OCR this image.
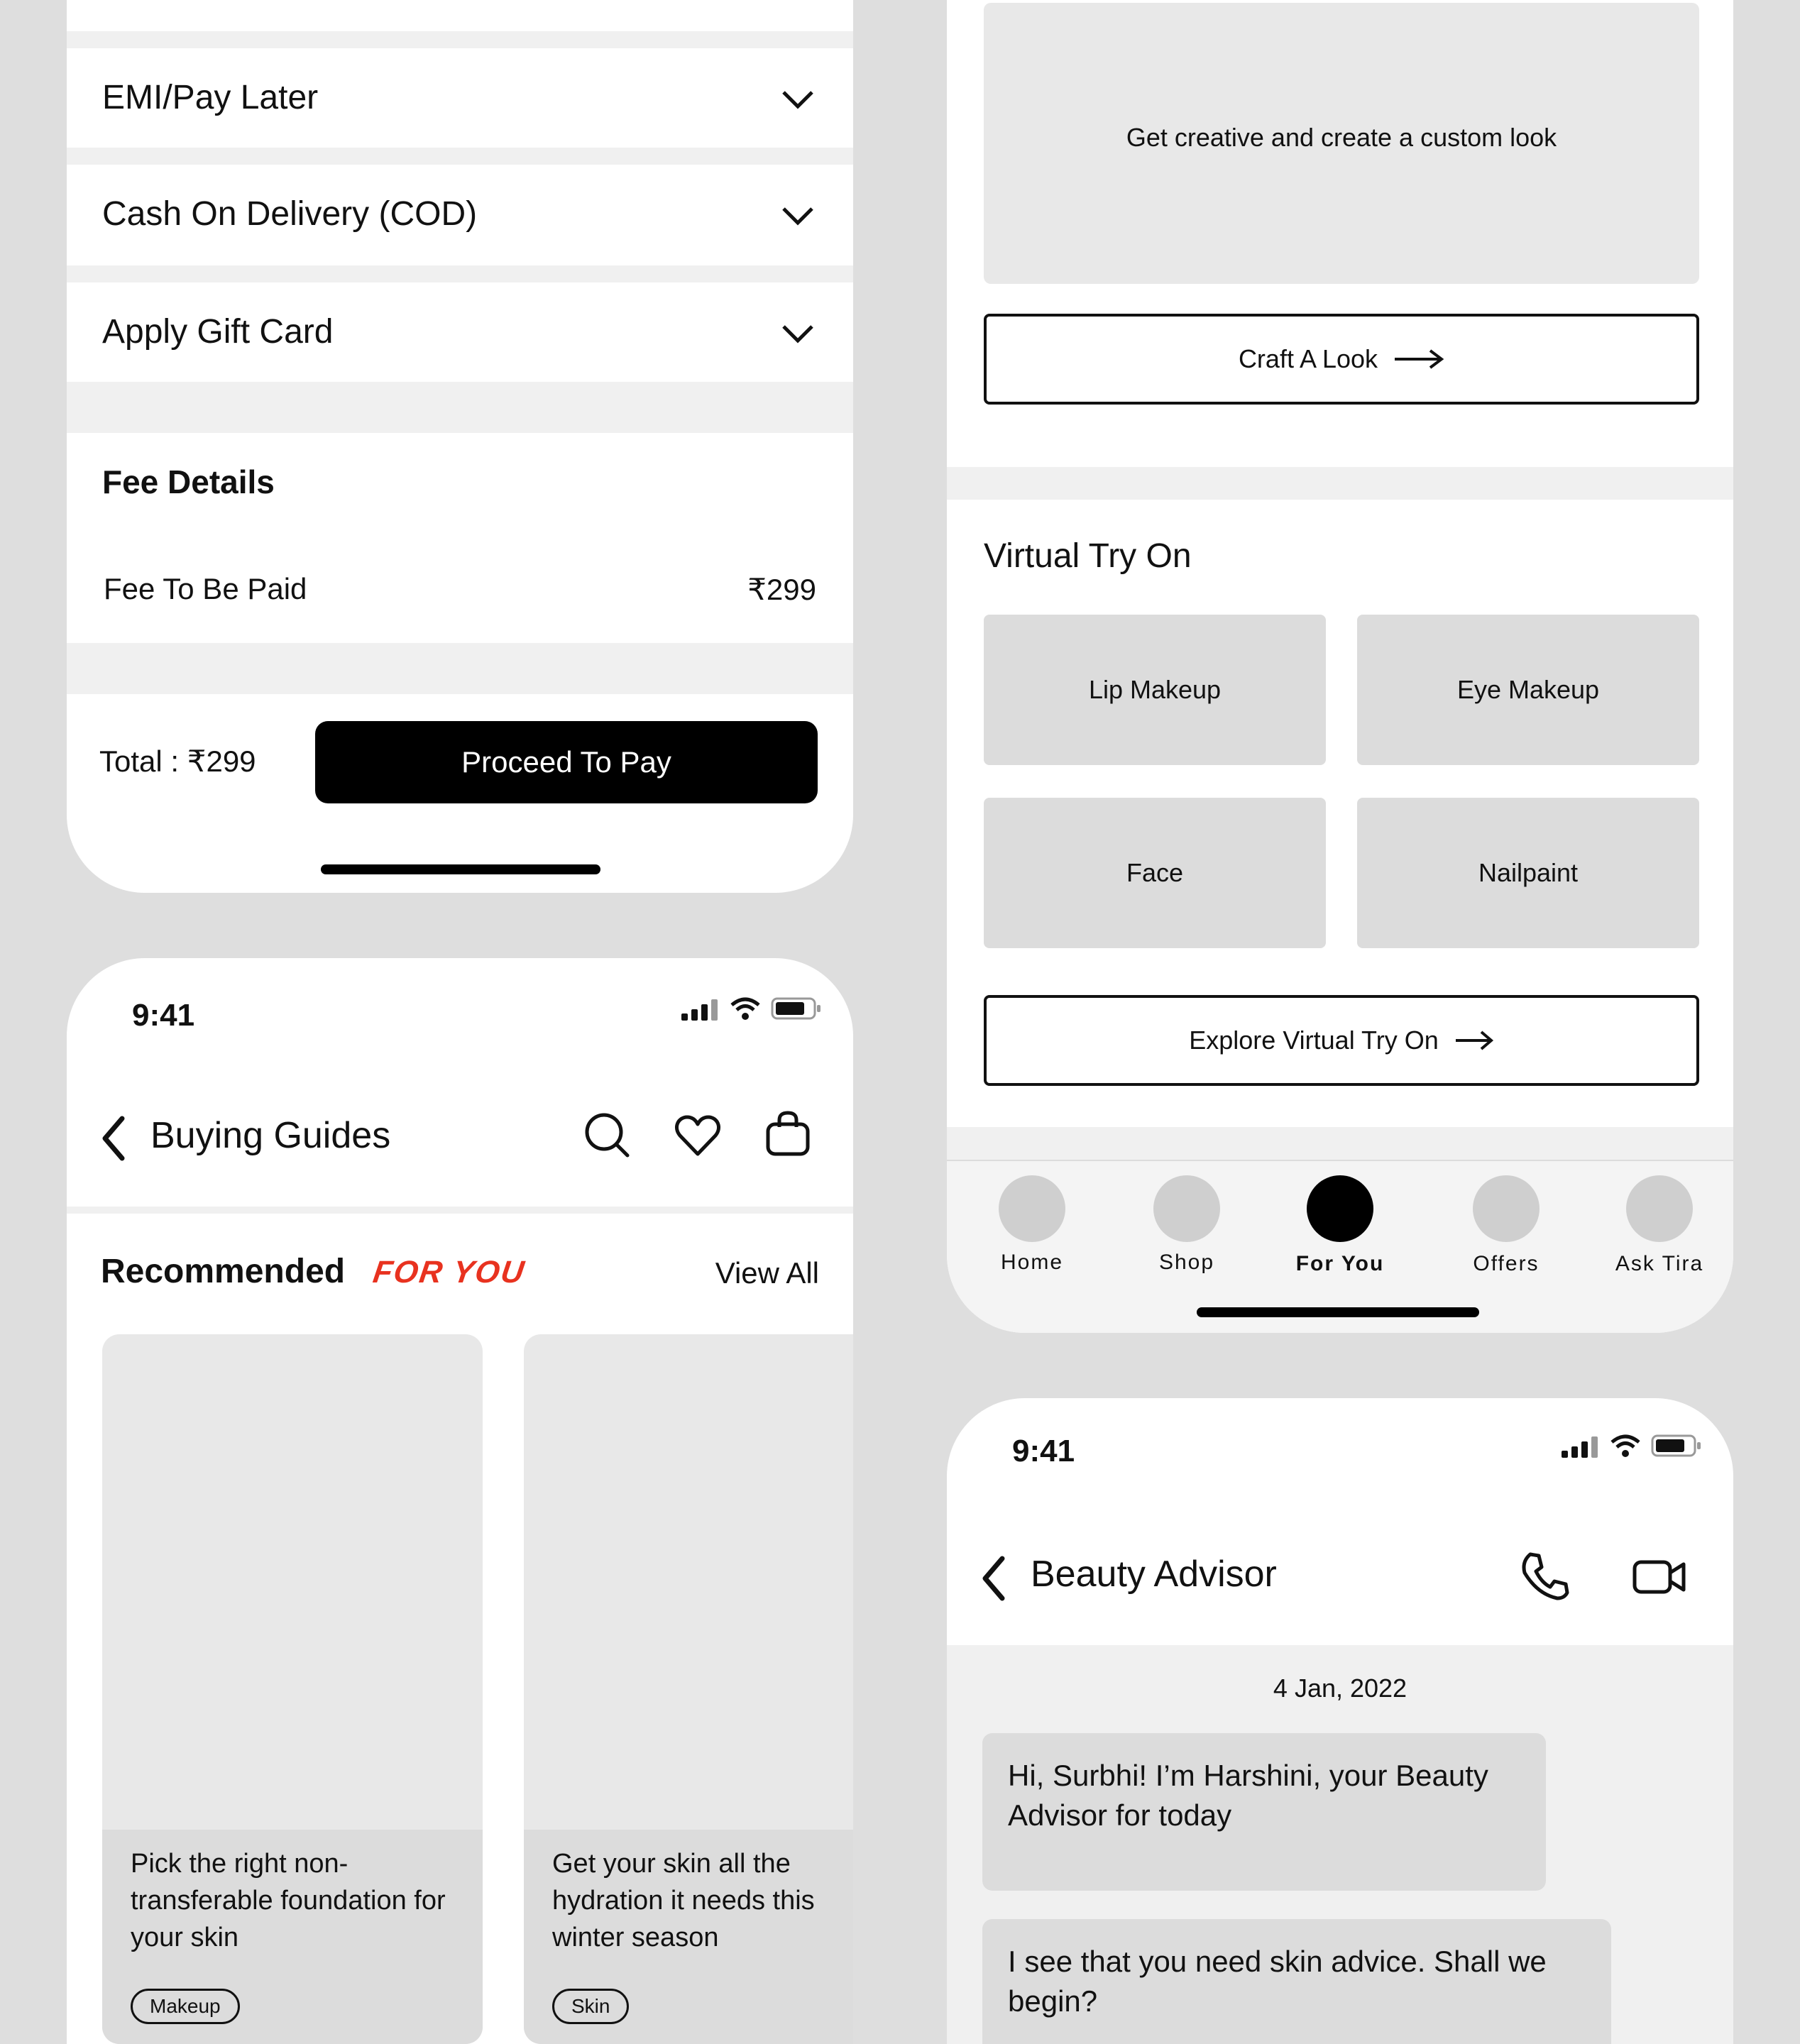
EMI/Pay Later
Cash On Delivery (COD)
Apply Gift Card
Fee Details
Fee To Be Paid	₹299
Total : ₹299	Proceed To Pay
9:41
Buying Guides
Recommended FOR YOU	View All
Pick the right non-transferable foundation for your skin
Makeup
Get your skin all the hydration it needs this winter season
Skin
Get creative and create a custom look
Craft A Look
Virtual Try On
Lip Makeup	Eye Makeup
Face	Nailpaint
Explore Virtual Try On
Home	Shop	For You	Offers	Ask Tira
9:41
Beauty Advisor
4 Jan, 2022
Hi, Surbhi! I’m Harshini, your Beauty Advisor for today
I see that you need skin advice. Shall we begin?
